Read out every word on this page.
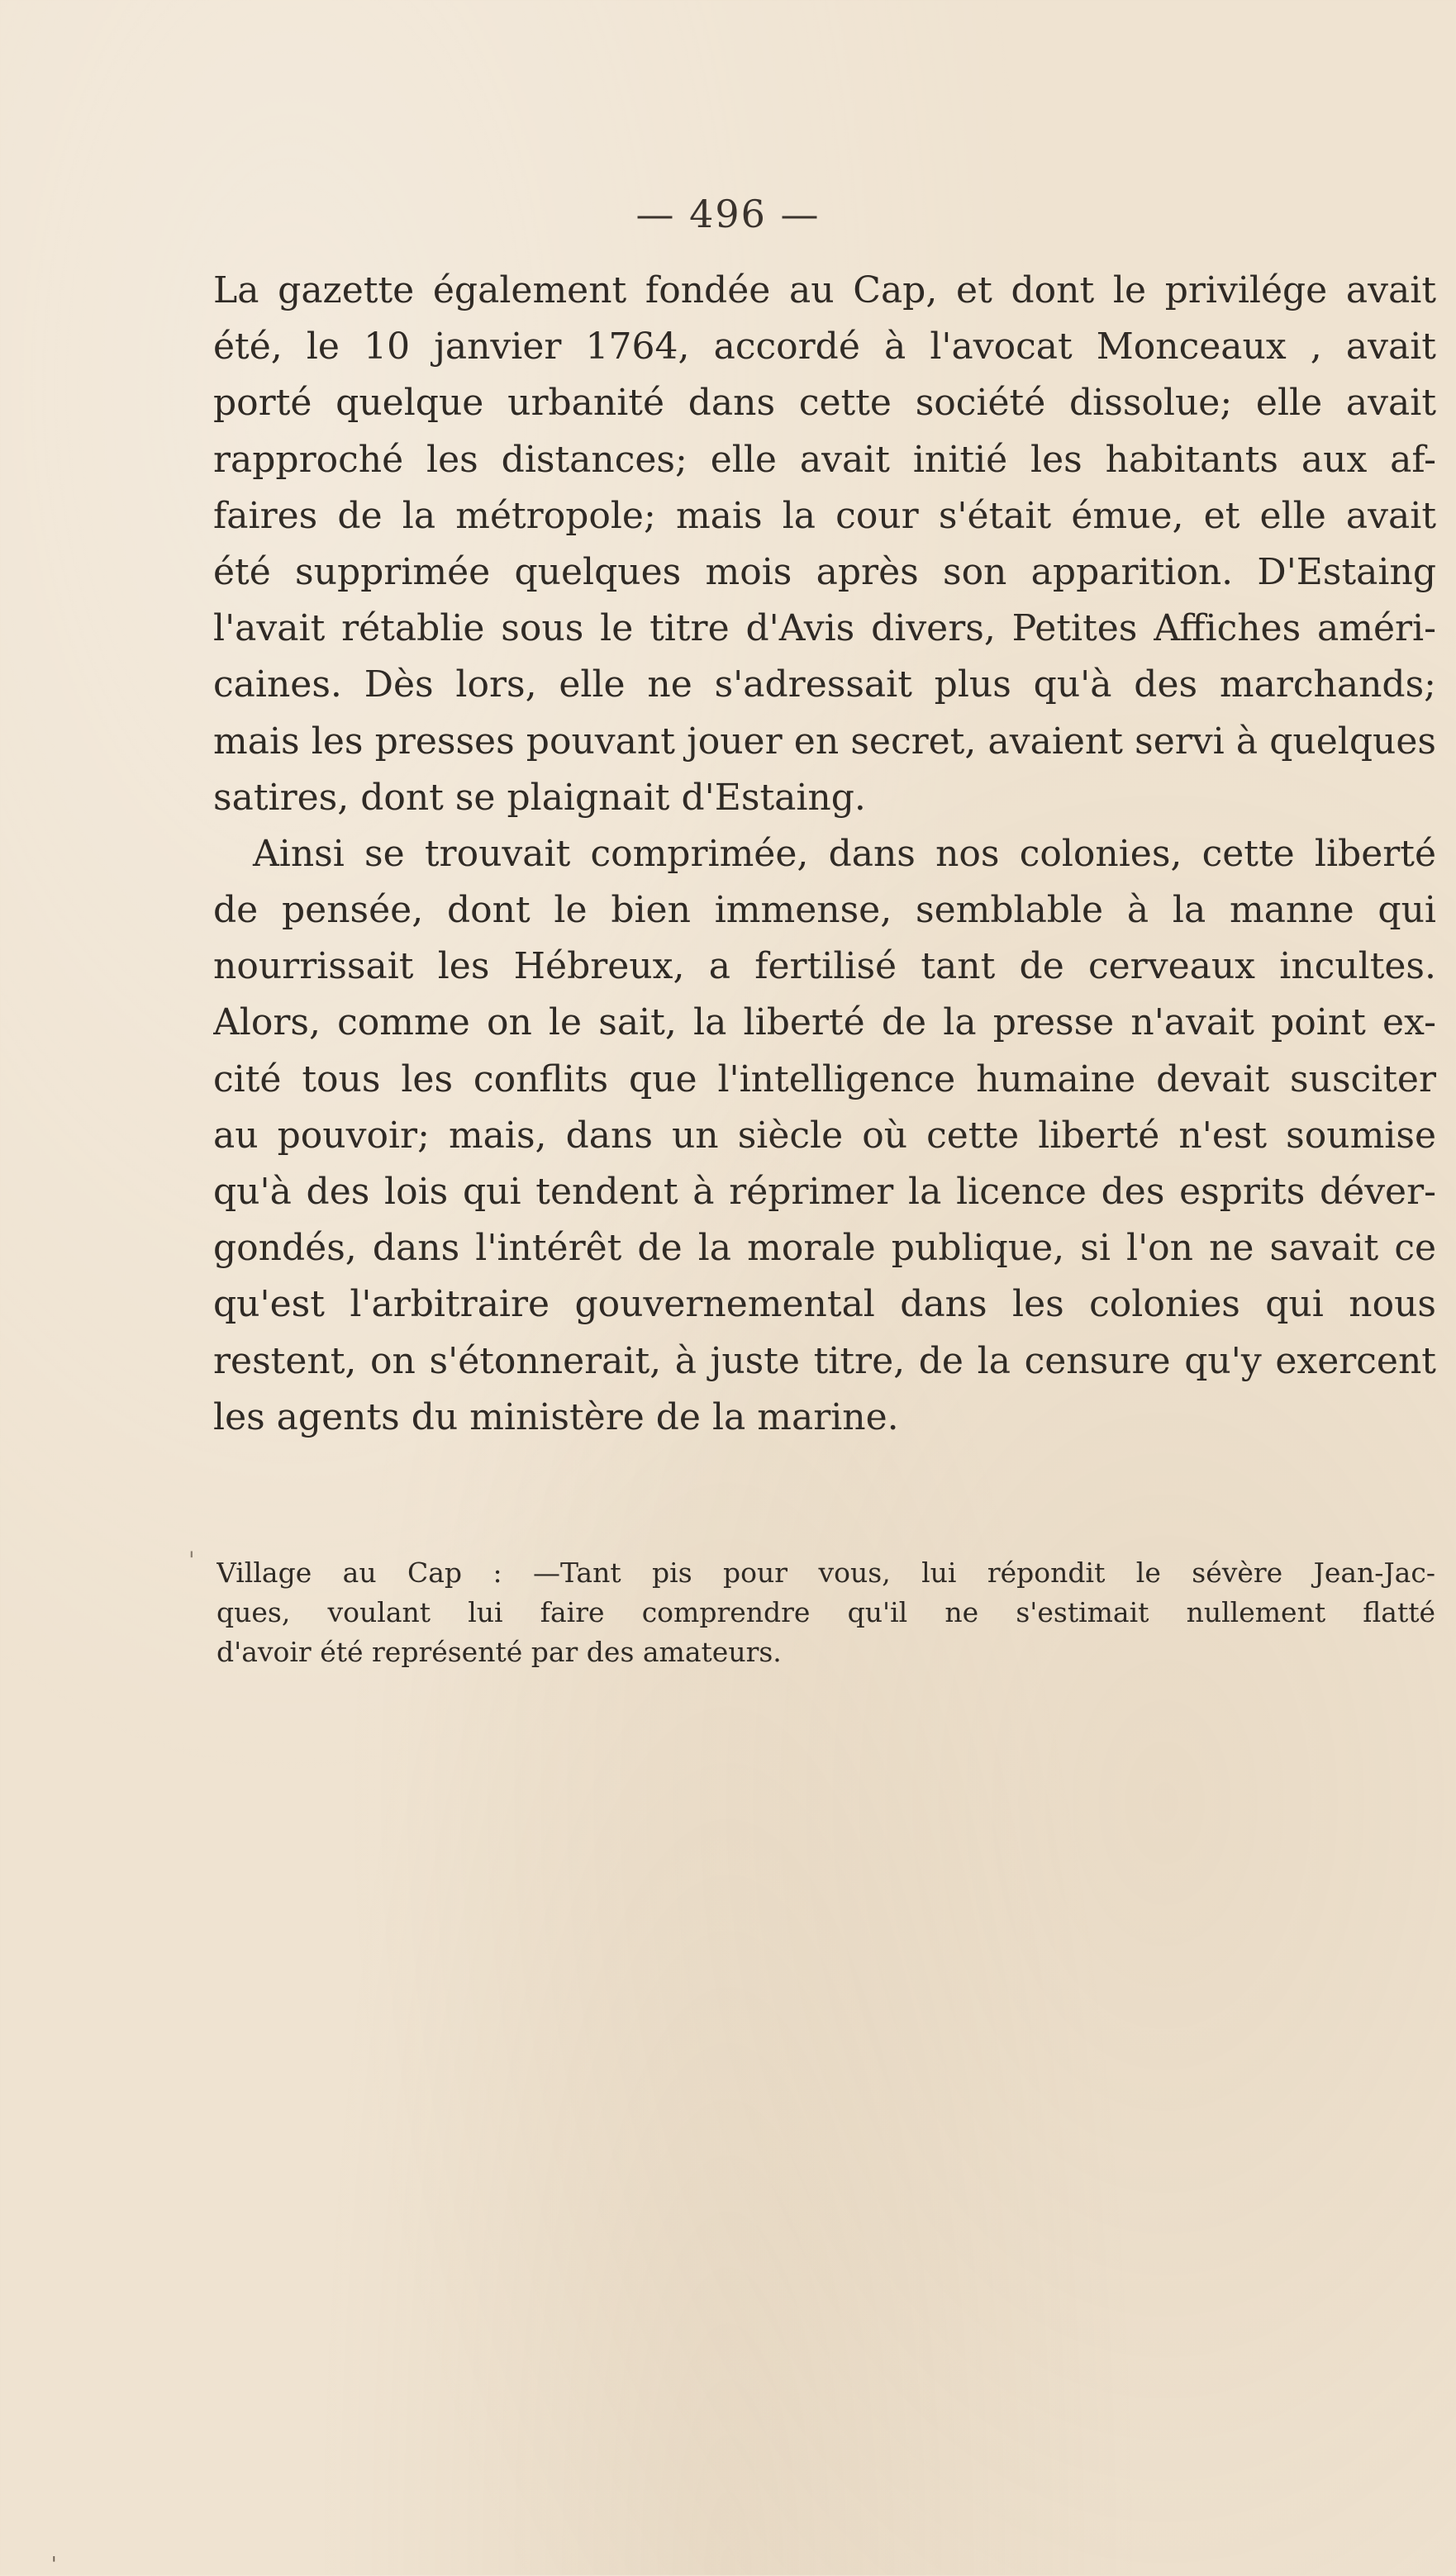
— 496 —
La gazette également fondée au Cap, et dont le privilége avait
été, le 10 janvier 1764, accordé à l'avocat Monceaux , avait
porté quelque urbanité dans cette société dissolue; elle avait
rapproché les distances; elle avait initié les habitants aux af-
faires de la métropole; mais la cour s'était émue, et elle avait
été supprimée quelques mois après son apparition. D'Estaing
l'avait rétablie sous le titre d'Avis divers, Petites Affiches améri-
caines. Dès lors, elle ne s'adressait plus qu'à des marchands;
mais les presses pouvant jouer en secret, avaient servi à quelques
satires, dont se plaignait d'Estaing.
Ainsi se trouvait comprimée, dans nos colonies, cette liberté
de pensée, dont le bien immense, semblable à la manne qui
nourrissait les Hébreux, a fertilisé tant de cerveaux incultes.
Alors, comme on le sait, la liberté de la presse n'avait point ex-
cité tous les conflits que l'intelligence humaine devait susciter
au pouvoir; mais, dans un siècle où cette liberté n'est soumise
qu'à des lois qui tendent à réprimer la licence des esprits déver-
gondés, dans l'intérêt de la morale publique, si l'on ne savait ce
qu'est l'arbitraire gouvernemental dans les colonies qui nous
restent, on s'étonnerait, à juste titre, de la censure qu'y exercent
les agents du ministère de la marine.
' Village au Cap : —Tant pis pour vous, lui répondit le sévère Jean-Jac-
ques, voulant lui faire comprendre qu'il ne s'estimait nullement flatté
d'avoir été représenté par des amateurs.
'
